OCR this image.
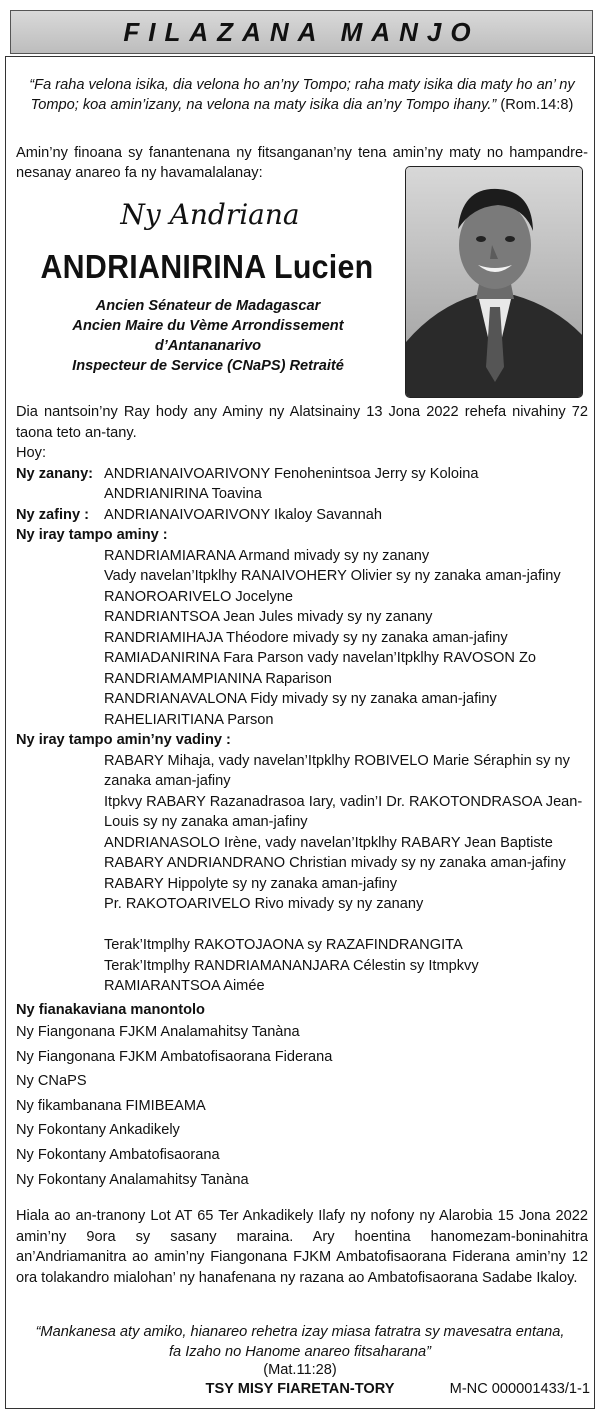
FILAZANA MANJO
“Fa raha velona isika, dia velona ho an’ny Tompo; raha maty isika dia maty ho an’ ny Tompo; koa amin’izany, na velona na maty isika dia an’ny Tompo ihany.” (Rom.14:8)
Amin’ny finoana sy fanantenana ny fitsanganan’ny tena amin’ny maty no hampandre-nesanay anareo fa ny havamalalanay:
Ny Andriana
ANDRIANIRINA Lucien
Ancien Sénateur de Madagascar
Ancien Maire du Vème Arrondissement
d’Antananarivo
Inspecteur de Service (CNaPS) Retraité
Dia nantsoin’ny Ray hody any Aminy ny Alatsinainy 13 Jona 2022 rehefa nivahiny 72 taona teto an-tany.
Hoy:
Ny zanany: ANDRIANAIVOARIVONY Fenohenintsoa Jerry sy Koloina
ANDRIANIRINA Toavina
Ny zafiny :	ANDRIANAIVOARIVONY Ikaloy Savannah
Ny iray tampo aminy :
RANDRIAMIARANA Armand mivady sy ny zanany
Vady navelan’Itpklhy RANAIVOHERY Olivier sy ny zanaka aman-jafiny
RANOROARIVELO Jocelyne
RANDRIANTSOA Jean Jules mivady sy ny zanany
RANDRIAMIHAJA Théodore mivady sy ny zanaka aman-jafiny
RAMIADANIRINA Fara Parson vady navelan’Itpklhy RAVOSON Zo
RANDRIAMAMPIANINA Raparison
RANDRIANAVALONA Fidy mivady sy ny zanaka aman-jafiny
RAHELIARITIANA Parson
Ny iray tampo amin’ny vadiny :
RABARY Mihaja, vady navelan’Itpklhy ROBIVELO Marie Séraphin sy ny zanaka aman-jafiny
Itpkvy RABARY Razanadrasoa Iary, vadin’I Dr. RAKOTONDRASOA Jean-Louis sy ny zanaka aman-jafiny
ANDRIANASOLO Irène, vady navelan’Itpklhy RABARY Jean Baptiste
RABARY ANDRIANDRANO Christian mivady sy ny zanaka aman-jafiny
RABARY Hippolyte sy ny zanaka aman-jafiny
Pr. RAKOTOARIVELO Rivo mivady sy ny zanany
Terak’Itmplhy RAKOTOJAONA sy RAZAFINDRANGITA
Terak’Itmplhy RANDRIAMANANJARA Célestin sy Itmpkvy RAMIARANTSOA Aimée
Ny fianakaviana manontolo
Ny Fiangonana FJKM Analamahitsy Tanàna
Ny Fiangonana FJKM Ambatofisaorana Fiderana
Ny CNaPS
Ny fikambanana FIMIBEAMA
Ny Fokontany Ankadikely
Ny Fokontany Ambatofisaorana
Ny Fokontany Analamahitsy Tanàna
Hiala ao an-tranony Lot AT 65 Ter Ankadikely Ilafy ny nofony ny Alarobia 15 Jona 2022 amin’ny 9ora sy sasany maraina. Ary hoentina hanomezam-boninahitra an’Andriamanitra ao amin’ny Fiangonana FJKM Ambatofisaorana Fiderana amin’ny 12 ora tolakandro mialohan’ ny hanafenana ny razana ao Ambatofisaorana Sadabe Ikaloy.
“Mankanesa aty amiko, hianareo rehetra izay miasa fatratra sy mavesatra entana,
fa Izaho no Hanome anareo fitsaharana”
(Mat.11:28)
TSY MISY FIARETAN-TORY	M-NC 000001433/1-1
